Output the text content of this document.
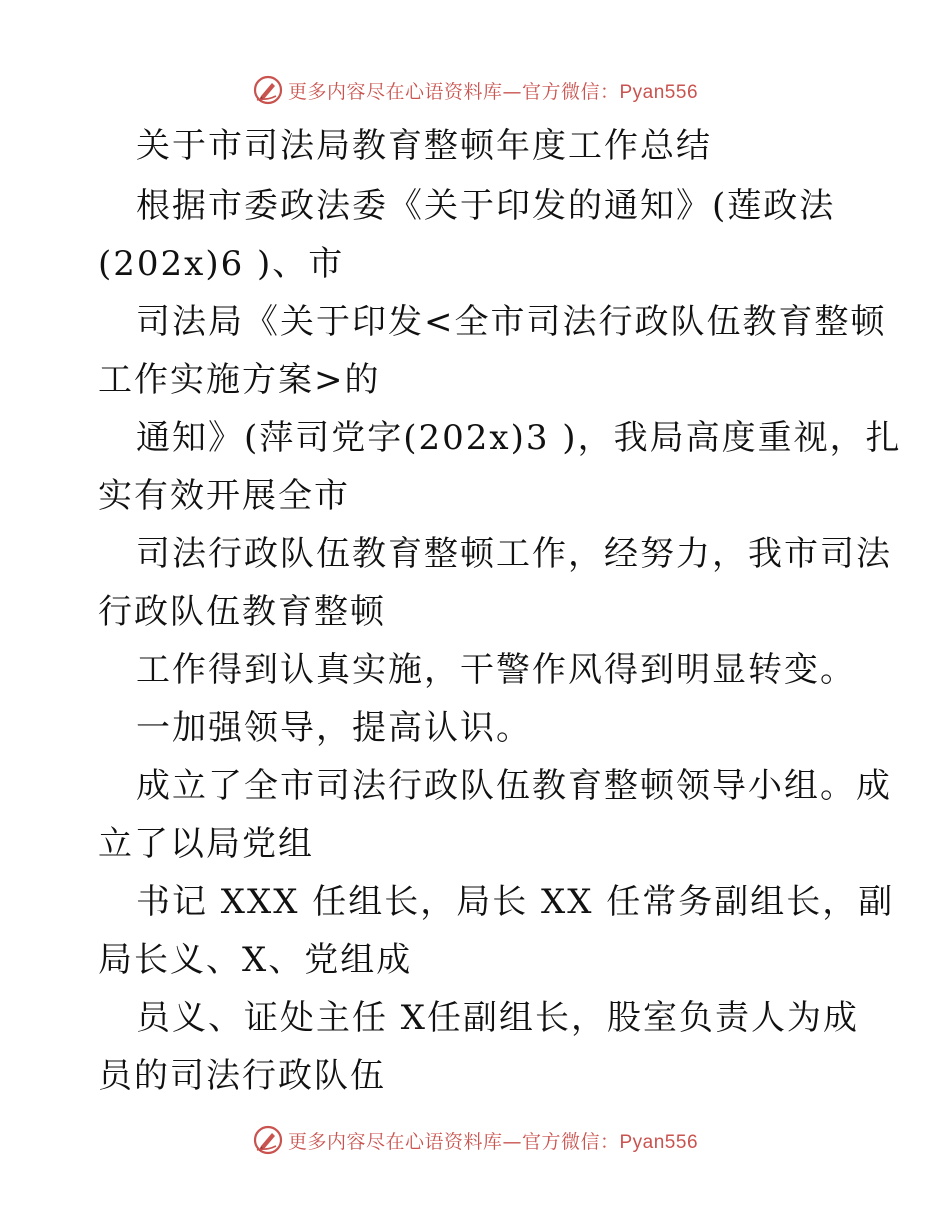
更多内容尽在心语资料库—官方微信：Pyan556
关于市司法局教育整顿年度工作总结
根据市委政法委《关于印发的通知》(莲政法
(202x)6 )、市
司法局《关于印发<全市司法行政队伍教育整顿
工作实施方案>的
通知》(萍司党字(202x)3 )，我局高度重视，扎
实有效开展全市
司法行政队伍教育整顿工作，经努力，我市司法
行政队伍教育整顿
工作得到认真实施，干警作风得到明显转变。
一加强领导，提高认识。
成立了全市司法行政队伍教育整顿领导小组。成
立了以局党组
书记 XXX 任组长，局长 XX 任常务副组长，副
局长义、X、党组成
员义、证处主任 X任副组长，股室负责人为成
员的司法行政队伍
更多内容尽在心语资料库—官方微信：Pyan556
